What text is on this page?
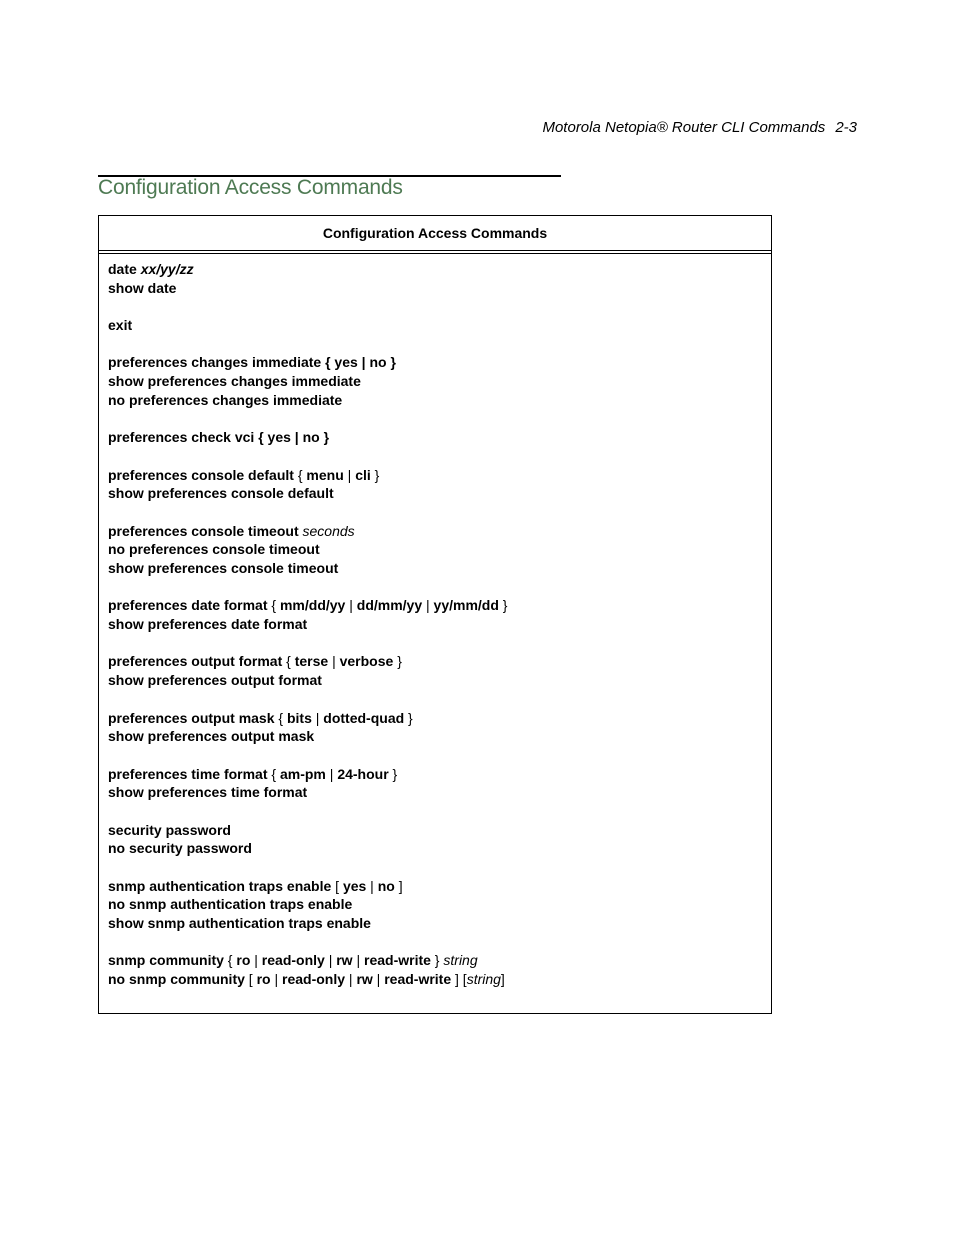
Motorola Netopia® Router CLI Commands 2-3
Configuration Access Commands
Configuration Access Commands
date xx/yy/zz
show date
exit
preferences changes immediate { yes | no }
show preferences changes immediate
no preferences changes immediate
preferences check vci { yes | no }
preferences console default { menu | cli }
show preferences console default
preferences console timeout seconds
no preferences console timeout
show preferences console timeout
preferences date format { mm/dd/yy | dd/mm/yy | yy/mm/dd }
show preferences date format
preferences output format { terse | verbose }
show preferences output format
preferences output mask { bits | dotted-quad }
show preferences output mask
preferences time format { am-pm | 24-hour }
show preferences time format
security password
no security password
snmp authentication traps enable [ yes | no ]
no snmp authentication traps enable
show snmp authentication traps enable
snmp community { ro | read-only | rw | read-write } string
no snmp community [ ro | read-only | rw | read-write ] [string]
